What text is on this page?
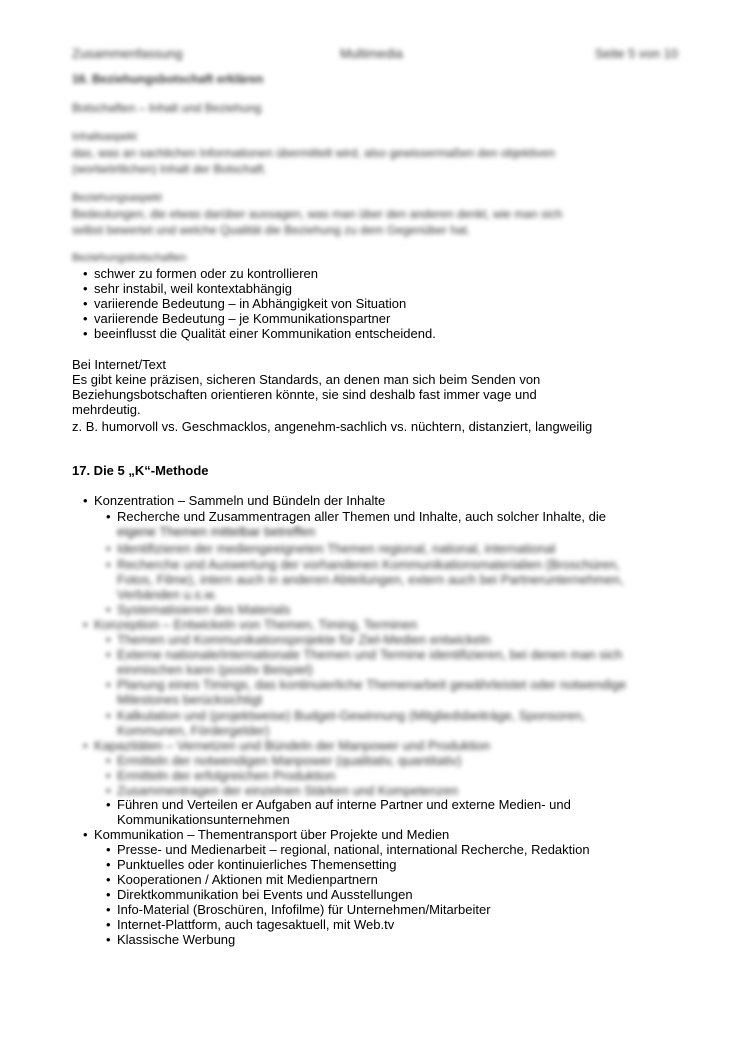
Zusammenfassung	Multimedia	Seite 5 von 10
16. Beziehungsbotschaft erklären
Botschaften – Inhalt und Beziehung
Inhaltsaspekt
das, was an sachlichen Informationen übermittelt wird, also gewissermaßen den objektiven
(wortwörtlichen) Inhalt der Botschaft.
Beziehungsaspekt
Bedeutungen, die etwas darüber aussagen, was man über den anderen denkt, wie man sich
selbst bewertet und welche Qualität die Beziehung zu dem Gegenüber hat.
Beziehungsbotschaften
• schwer zu formen oder zu kontrollieren
• sehr instabil, weil kontextabhängig
• variierende Bedeutung – in Abhängigkeit von Situation
• variierende Bedeutung – je Kommunikationspartner
• beeinflusst die Qualität einer Kommunikation entscheidend.
Bei Internet/Text
Es gibt keine präzisen, sicheren Standards, an denen man sich beim Senden von
Beziehungsbotschaften orientieren könnte, sie sind deshalb fast immer vage und
mehrdeutig.
z. B. humorvoll vs. Geschmacklos, angenehm‑sachlich vs. nüchtern, distanziert, langweilig
17. Die 5 „K“-Methode
• Konzentration – Sammeln und Bündeln der Inhalte
• Recherche und Zusammentragen aller Themen und Inhalte, auch solcher Inhalte, die
eigene Themen mittelbar betreffen
• Identifizieren der mediengeeigneten Themen regional, national, international
• Recherche und Auswertung der vorhandenen Kommunikationsmaterialien (Broschüren,
Fotos, Filme), intern auch in anderen Abteilungen, extern auch bei Partnerunternehmen,
Verbänden u.s.w.
• Systematisieren des Materials
• Konzeption – Entwickeln von Themen, Timing, Terminen
• Themen und Kommunikationsprojekte für Ziel-Medien entwickeln
• Externe nationale/internationale Themen und Termine identifizieren, bei denen man sich
einmischen kann (positiv Beispiel)
• Planung eines Timings, das kontinuierliche Themenarbeit gewährleistet oder notwendige
Milestones berücksichtigt
• Kalkulation und (projektweise) Budget-Gewinnung (Mitgliedsbeiträge, Sponsoren,
Kommunen, Fördergelder)
• Kapazitäten – Vernetzen und Bündeln der Manpower und Produktion
• Ermitteln der notwendigen Manpower (qualitativ, quantitativ)
• Ermitteln der erfolgreichen Produktion
• Zusammentragen der einzelnen Stärken und Kompetenzen
• Führen und Verteilen er Aufgaben auf interne Partner und externe Medien- und
Kommunikationsunternehmen
• Kommunikation – Thementransport über Projekte und Medien
• Presse- und Medienarbeit – regional, national, international Recherche, Redaktion
• Punktuelles oder kontinuierliches Themensetting
• Kooperationen / Aktionen mit Medienpartnern
• Direktkommunikation bei Events und Ausstellungen
• Info-Material (Broschüren, Infofilme) für Unternehmen/Mitarbeiter
• Internet-Plattform, auch tagesaktuell, mit Web.tv
• Klassische Werbung
